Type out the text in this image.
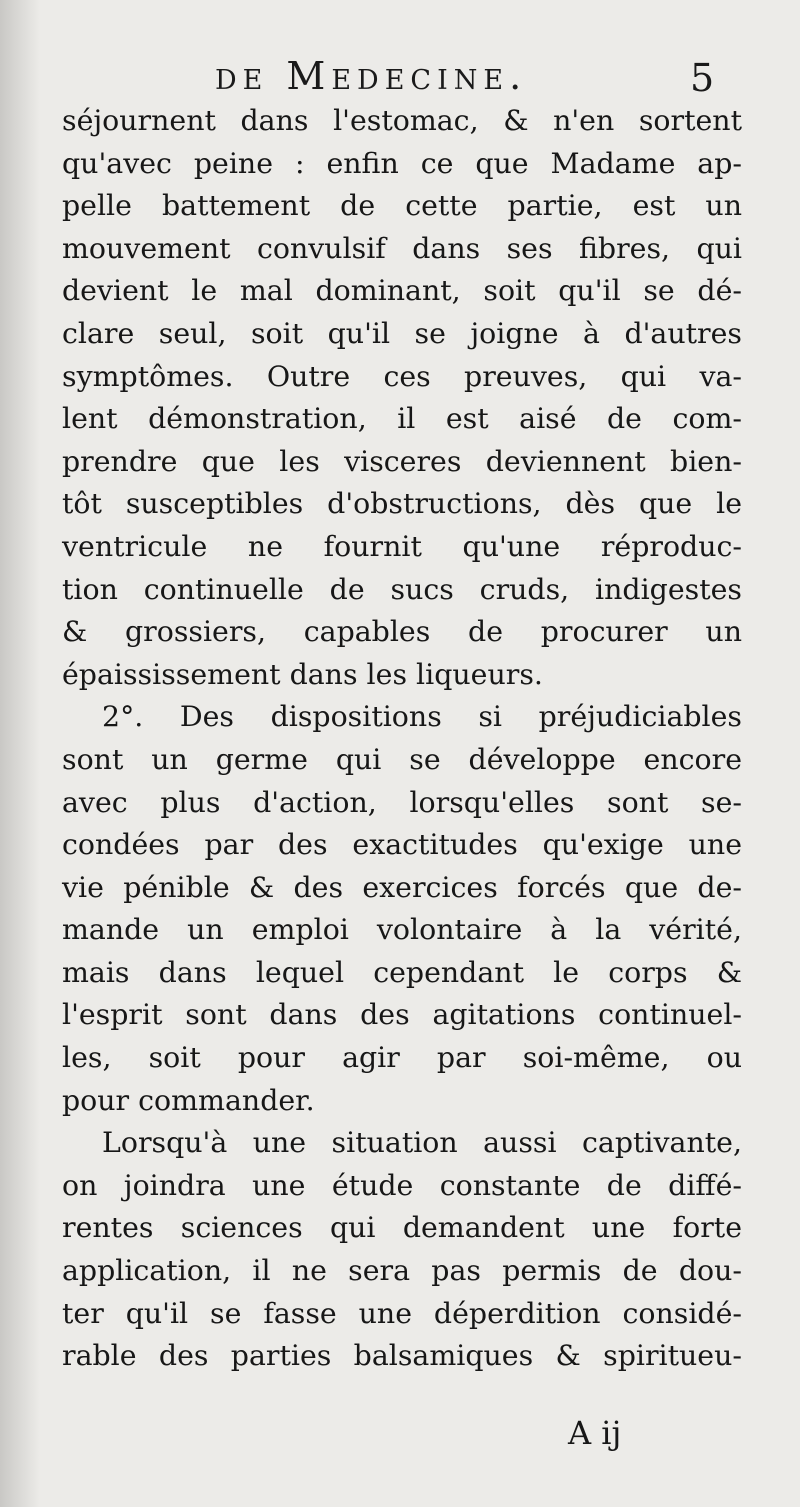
de Medecine.	5
séjournent dans l'estomac, & n'en sortent
qu'avec peine : enfin ce que Madame ap-
pelle battement de cette partie, est un
mouvement convulsif dans ses fibres, qui
devient le mal dominant, soit qu'il se dé-
clare seul, soit qu'il se joigne à d'autres
symptômes. Outre ces preuves, qui va-
lent démonstration, il est aisé de com-
prendre que les visceres deviennent bien-
tôt susceptibles d'obstructions, dès que le
ventricule ne fournit qu'une réproduc-
tion continuelle de sucs cruds, indigestes
& grossiers, capables de procurer un
épaississement dans les liqueurs.
2°. Des dispositions si préjudiciables
sont un germe qui se développe encore
avec plus d'action, lorsqu'elles sont se-
condées par des exactitudes qu'exige une
vie pénible & des exercices forcés que de-
mande un emploi volontaire à la vérité,
mais dans lequel cependant le corps &
l'esprit sont dans des agitations continuel-
les, soit pour agir par soi-même, ou
pour commander.
Lorsqu'à une situation aussi captivante,
on joindra une étude constante de diffé-
rentes sciences qui demandent une forte
application, il ne sera pas permis de dou-
ter qu'il se fasse une déperdition considé-
rable des parties balsamiques & spiritueu-
A ij
